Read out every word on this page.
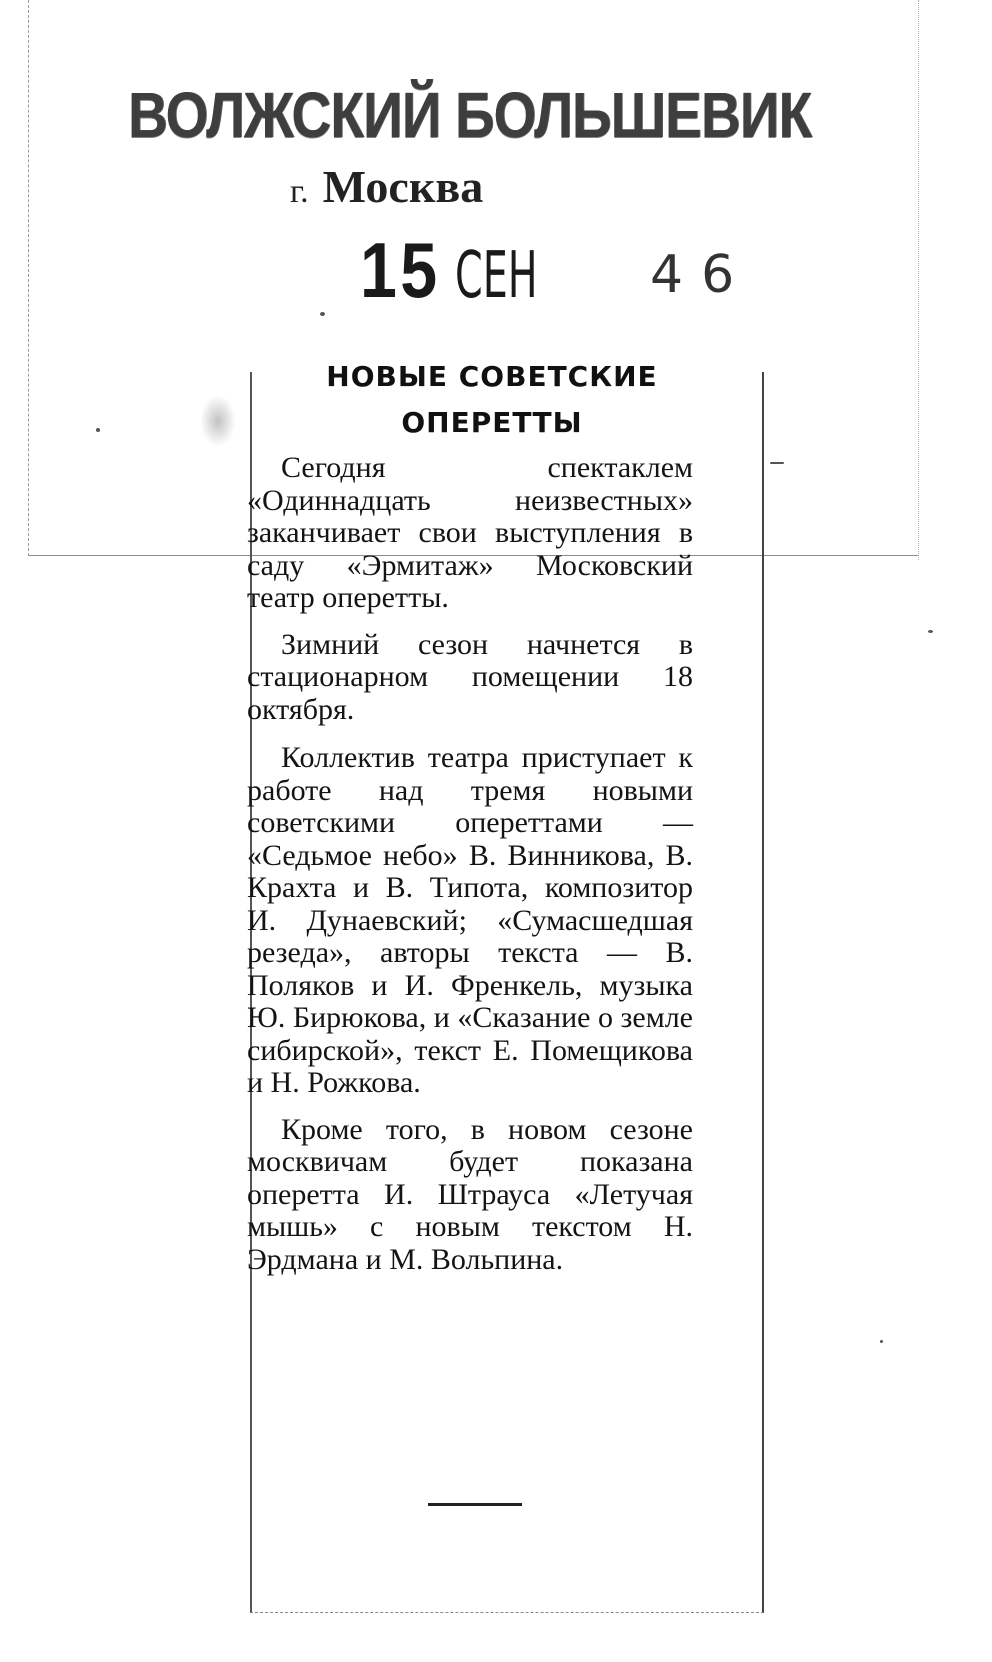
ВОЛЖСКИЙ БОЛЬШЕВИК
г. Москва
15 СЕН 46
НОВЫЕ СОВЕТСКИЕ
ОПЕРЕТТЫ

Сегодня спектаклем «Одиннадцать неизвестных» заканчивает свои выступления в саду «Эрмитаж» Московский театр оперетты.

Зимний сезон начнется в стационарном помещении 18 октября.

Коллектив театра приступает к работе над тремя новыми советскими опереттами — «Седьмое небо» В. Винникова, В. Крахта и В. Типота, композитор И. Дунаевский; «Сумасшедшая резеда», авторы текста — В. Поляков и И. Френкель, музыка Ю. Бирюкова, и «Сказание о земле сибирской», текст Е. Помещикова и Н. Рожкова.

Кроме того, в новом сезоне москвичам будет показана оперетта И. Штрауса «Летучая мышь» с новым текстом Н. Эрдмана и М. Вольпина.
